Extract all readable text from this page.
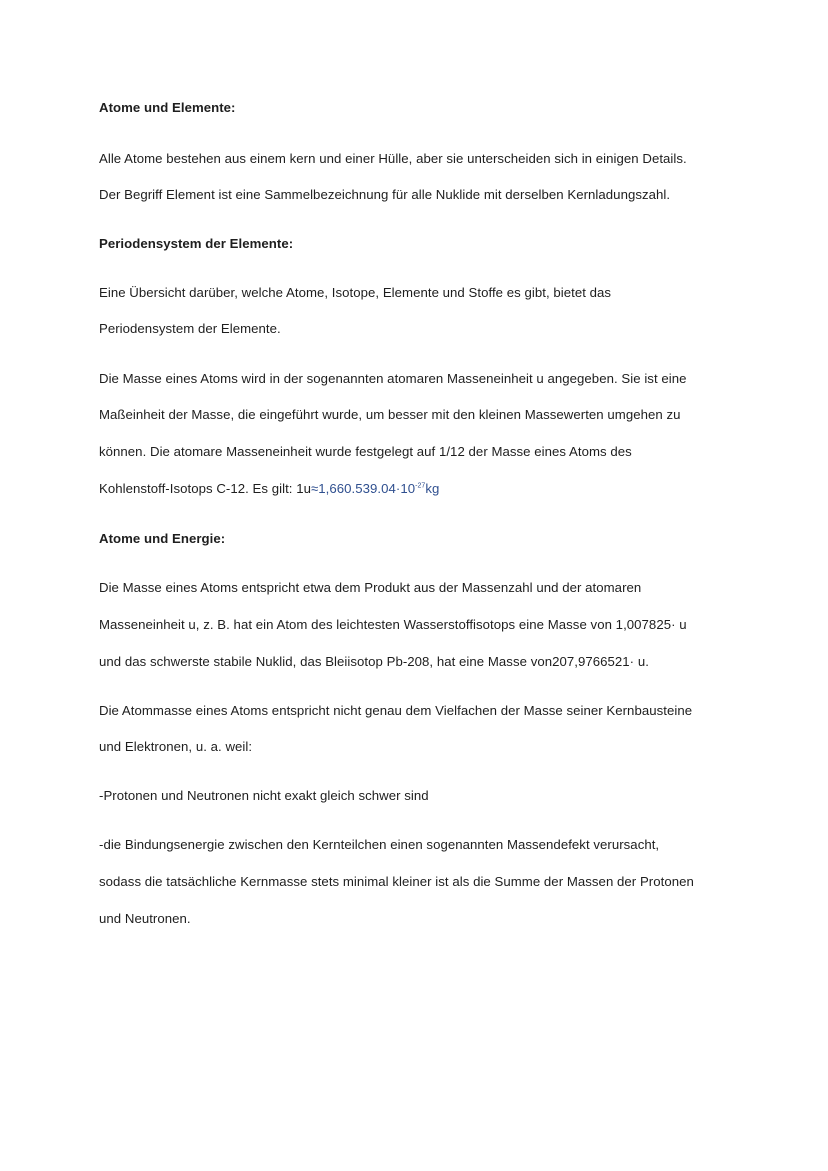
Atome und Elemente:
Alle Atome bestehen aus einem kern und einer Hülle, aber sie unterscheiden sich in einigen Details.
Der Begriff Element ist eine Sammelbezeichnung für alle Nuklide mit derselben Kernladungszahl.
Periodensystem der Elemente:
Eine Übersicht darüber, welche Atome, Isotope, Elemente und Stoffe es gibt, bietet das
Periodensystem der Elemente.
Die Masse eines Atoms wird in der sogenannten atomaren Masseneinheit u angegeben. Sie ist eine
Maßeinheit der Masse, die eingeführt wurde, um besser mit den kleinen Massewerten umgehen zu
können. Die atomare Masseneinheit wurde festgelegt auf 1/12 der Masse eines Atoms des
Kohlenstoff-Isotops C-12. Es gilt: $1u\approx 1,660.539.04\cdot 10^{-27}kg$
Atome und Energie:
Die Masse eines Atoms entspricht etwa dem Produkt aus der Massenzahl und der atomaren
Masseneinheit u, z. B. hat ein Atom des leichtesten Wasserstoffisotops eine Masse von 1,007825· u
und das schwerste stabile Nuklid, das Bleiisotop Pb-208, hat eine Masse von207,9766521· u.
Die Atommasse eines Atoms entspricht nicht genau dem Vielfachen der Masse seiner Kernbausteine
und Elektronen, u. a. weil:
-Protonen und Neutronen nicht exakt gleich schwer sind
-die Bindungsenergie zwischen den Kernteilchen einen sogenannten Massendefekt verursacht,
sodass die tatsächliche Kernmasse stets minimal kleiner ist als die Summe der Massen der Protonen
und Neutronen.
